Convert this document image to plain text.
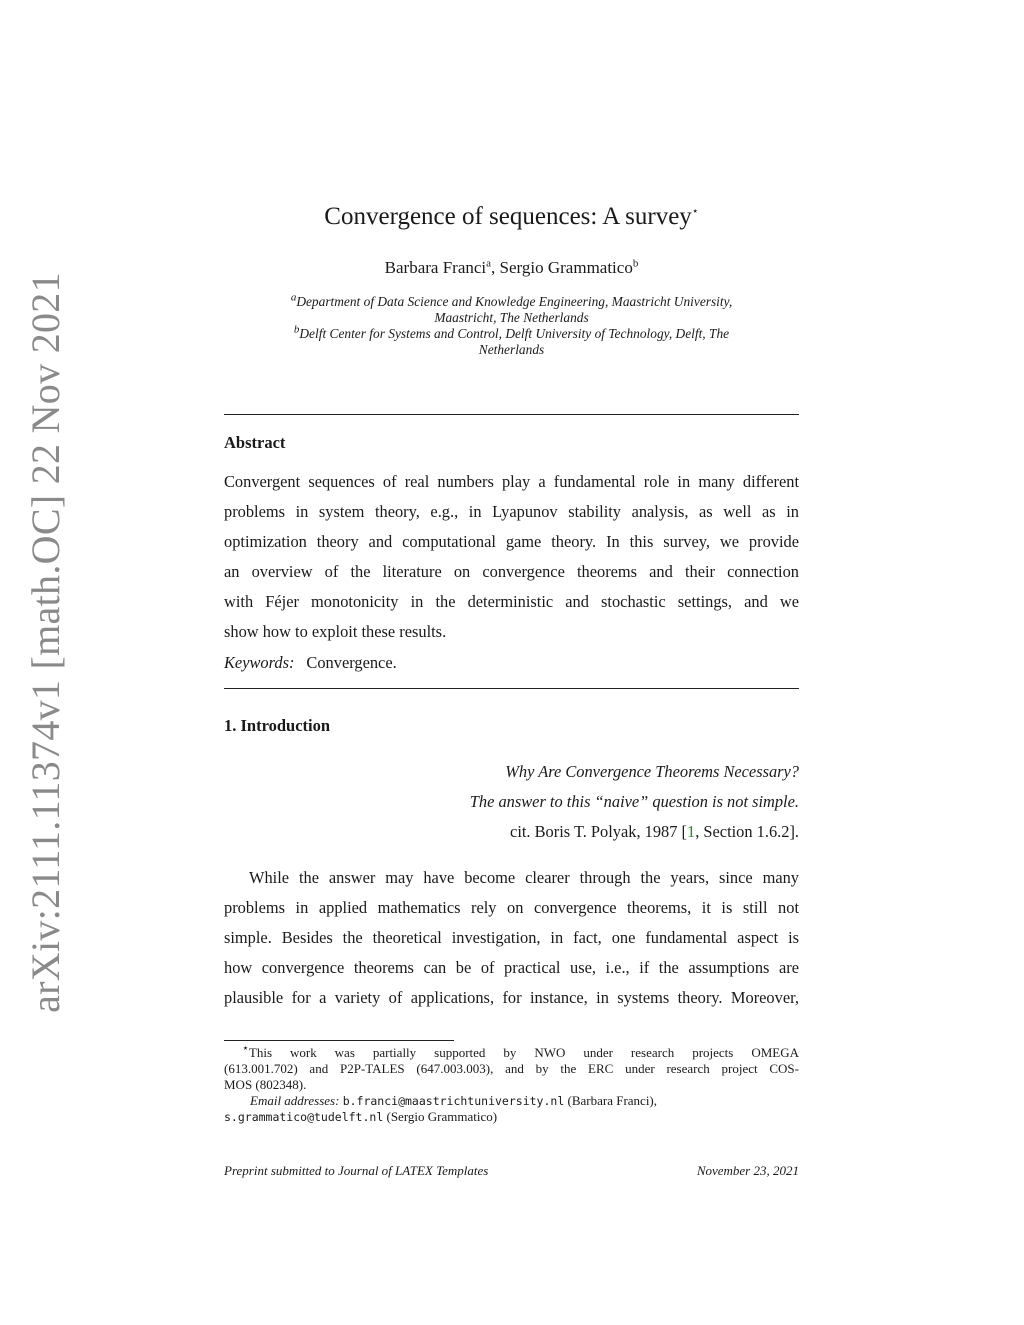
arXiv:2111.11374v1 [math.OC] 22 Nov 2021
Convergence of sequences: A survey⋆
Barbara Franci$^a$, Sergio Grammatico$^b$
$^a$Department of Data Science and Knowledge Engineering, Maastricht University,
Maastricht, The Netherlands
$^b$Delft Center for Systems and Control, Delft University of Technology, Delft, The
Netherlands
Abstract
Convergent sequences of real numbers play a fundamental role in many different
problems in system theory, e.g., in Lyapunov stability analysis, as well as in
optimization theory and computational game theory. In this survey, we provide
an overview of the literature on convergence theorems and their connection
with Féjer monotonicity in the deterministic and stochastic settings, and we
show how to exploit these results.
Keywords: Convergence.
1. Introduction
Why Are Convergence Theorems Necessary?
The answer to this “naive” question is not simple.
cit. Boris T. Polyak, 1987 [1, Section 1.6.2].
While the answer may have become clearer through the years, since many
problems in applied mathematics rely on convergence theorems, it is still not
simple. Besides the theoretical investigation, in fact, one fundamental aspect is
how convergence theorems can be of practical use, i.e., if the assumptions are
plausible for a variety of applications, for instance, in systems theory. Moreover,
⋆This work was partially supported by NWO under research projects OMEGA
(613.001.702) and P2P-TALES (647.003.003), and by the ERC under research project COS-
MOS (802348).
Email addresses: b.franci@maastrichtuniversity.nl (Barbara Franci),
s.grammatico@tudelft.nl (Sergio Grammatico)
Preprint submitted to Journal of LATEX Templates	November 23, 2021
